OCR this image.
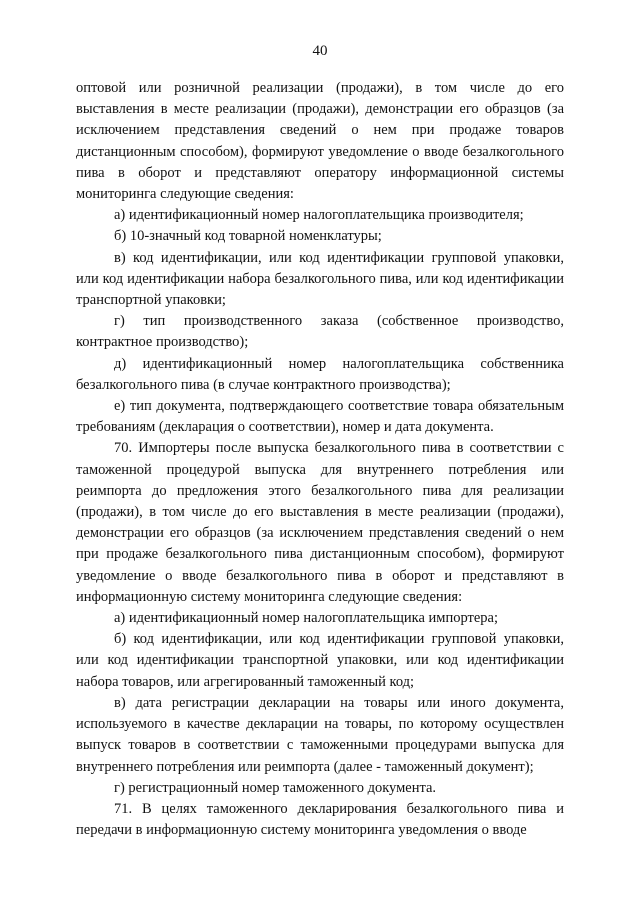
40

оптовой или розничной реализации (продажи), в том числе до его выставления в месте реализации (продажи), демонстрации его образцов (за исключением представления сведений о нем при продаже товаров дистанционным способом), формируют уведомление о вводе безалкогольного пива в оборот и представляют оператору информационной системы мониторинга следующие сведения:

а) идентификационный номер налогоплательщика производителя;

б) 10-значный код товарной номенклатуры;

в) код идентификации, или код идентификации групповой упаковки, или код идентификации набора безалкогольного пива, или код идентификации транспортной упаковки;

г) тип производственного заказа (собственное производство, контрактное производство);

д) идентификационный номер налогоплательщика собственника безалкогольного пива (в случае контрактного производства);

е) тип документа, подтверждающего соответствие товара обязательным требованиям (декларация о соответствии), номер и дата документа.

70. Импортеры после выпуска безалкогольного пива в соответствии с таможенной процедурой выпуска для внутреннего потребления или реимпорта до предложения этого безалкогольного пива для реализации (продажи), в том числе до его выставления в месте реализации (продажи), демонстрации его образцов (за исключением представления сведений о нем при продаже безалкогольного пива дистанционным способом), формируют уведомление о вводе безалкогольного пива в оборот и представляют в информационную систему мониторинга следующие сведения:

а) идентификационный номер налогоплательщика импортера;

б) код идентификации, или код идентификации групповой упаковки, или код идентификации транспортной упаковки, или код идентификации набора товаров, или агрегированный таможенный код;

в) дата регистрации декларации на товары или иного документа, используемого в качестве декларации на товары, по которому осуществлен выпуск товаров в соответствии с таможенными процедурами выпуска для внутреннего потребления или реимпорта (далее - таможенный документ);

г) регистрационный номер таможенного документа.

71. В целях таможенного декларирования безалкогольного пива и передачи в информационную систему мониторинга уведомления о вводе
